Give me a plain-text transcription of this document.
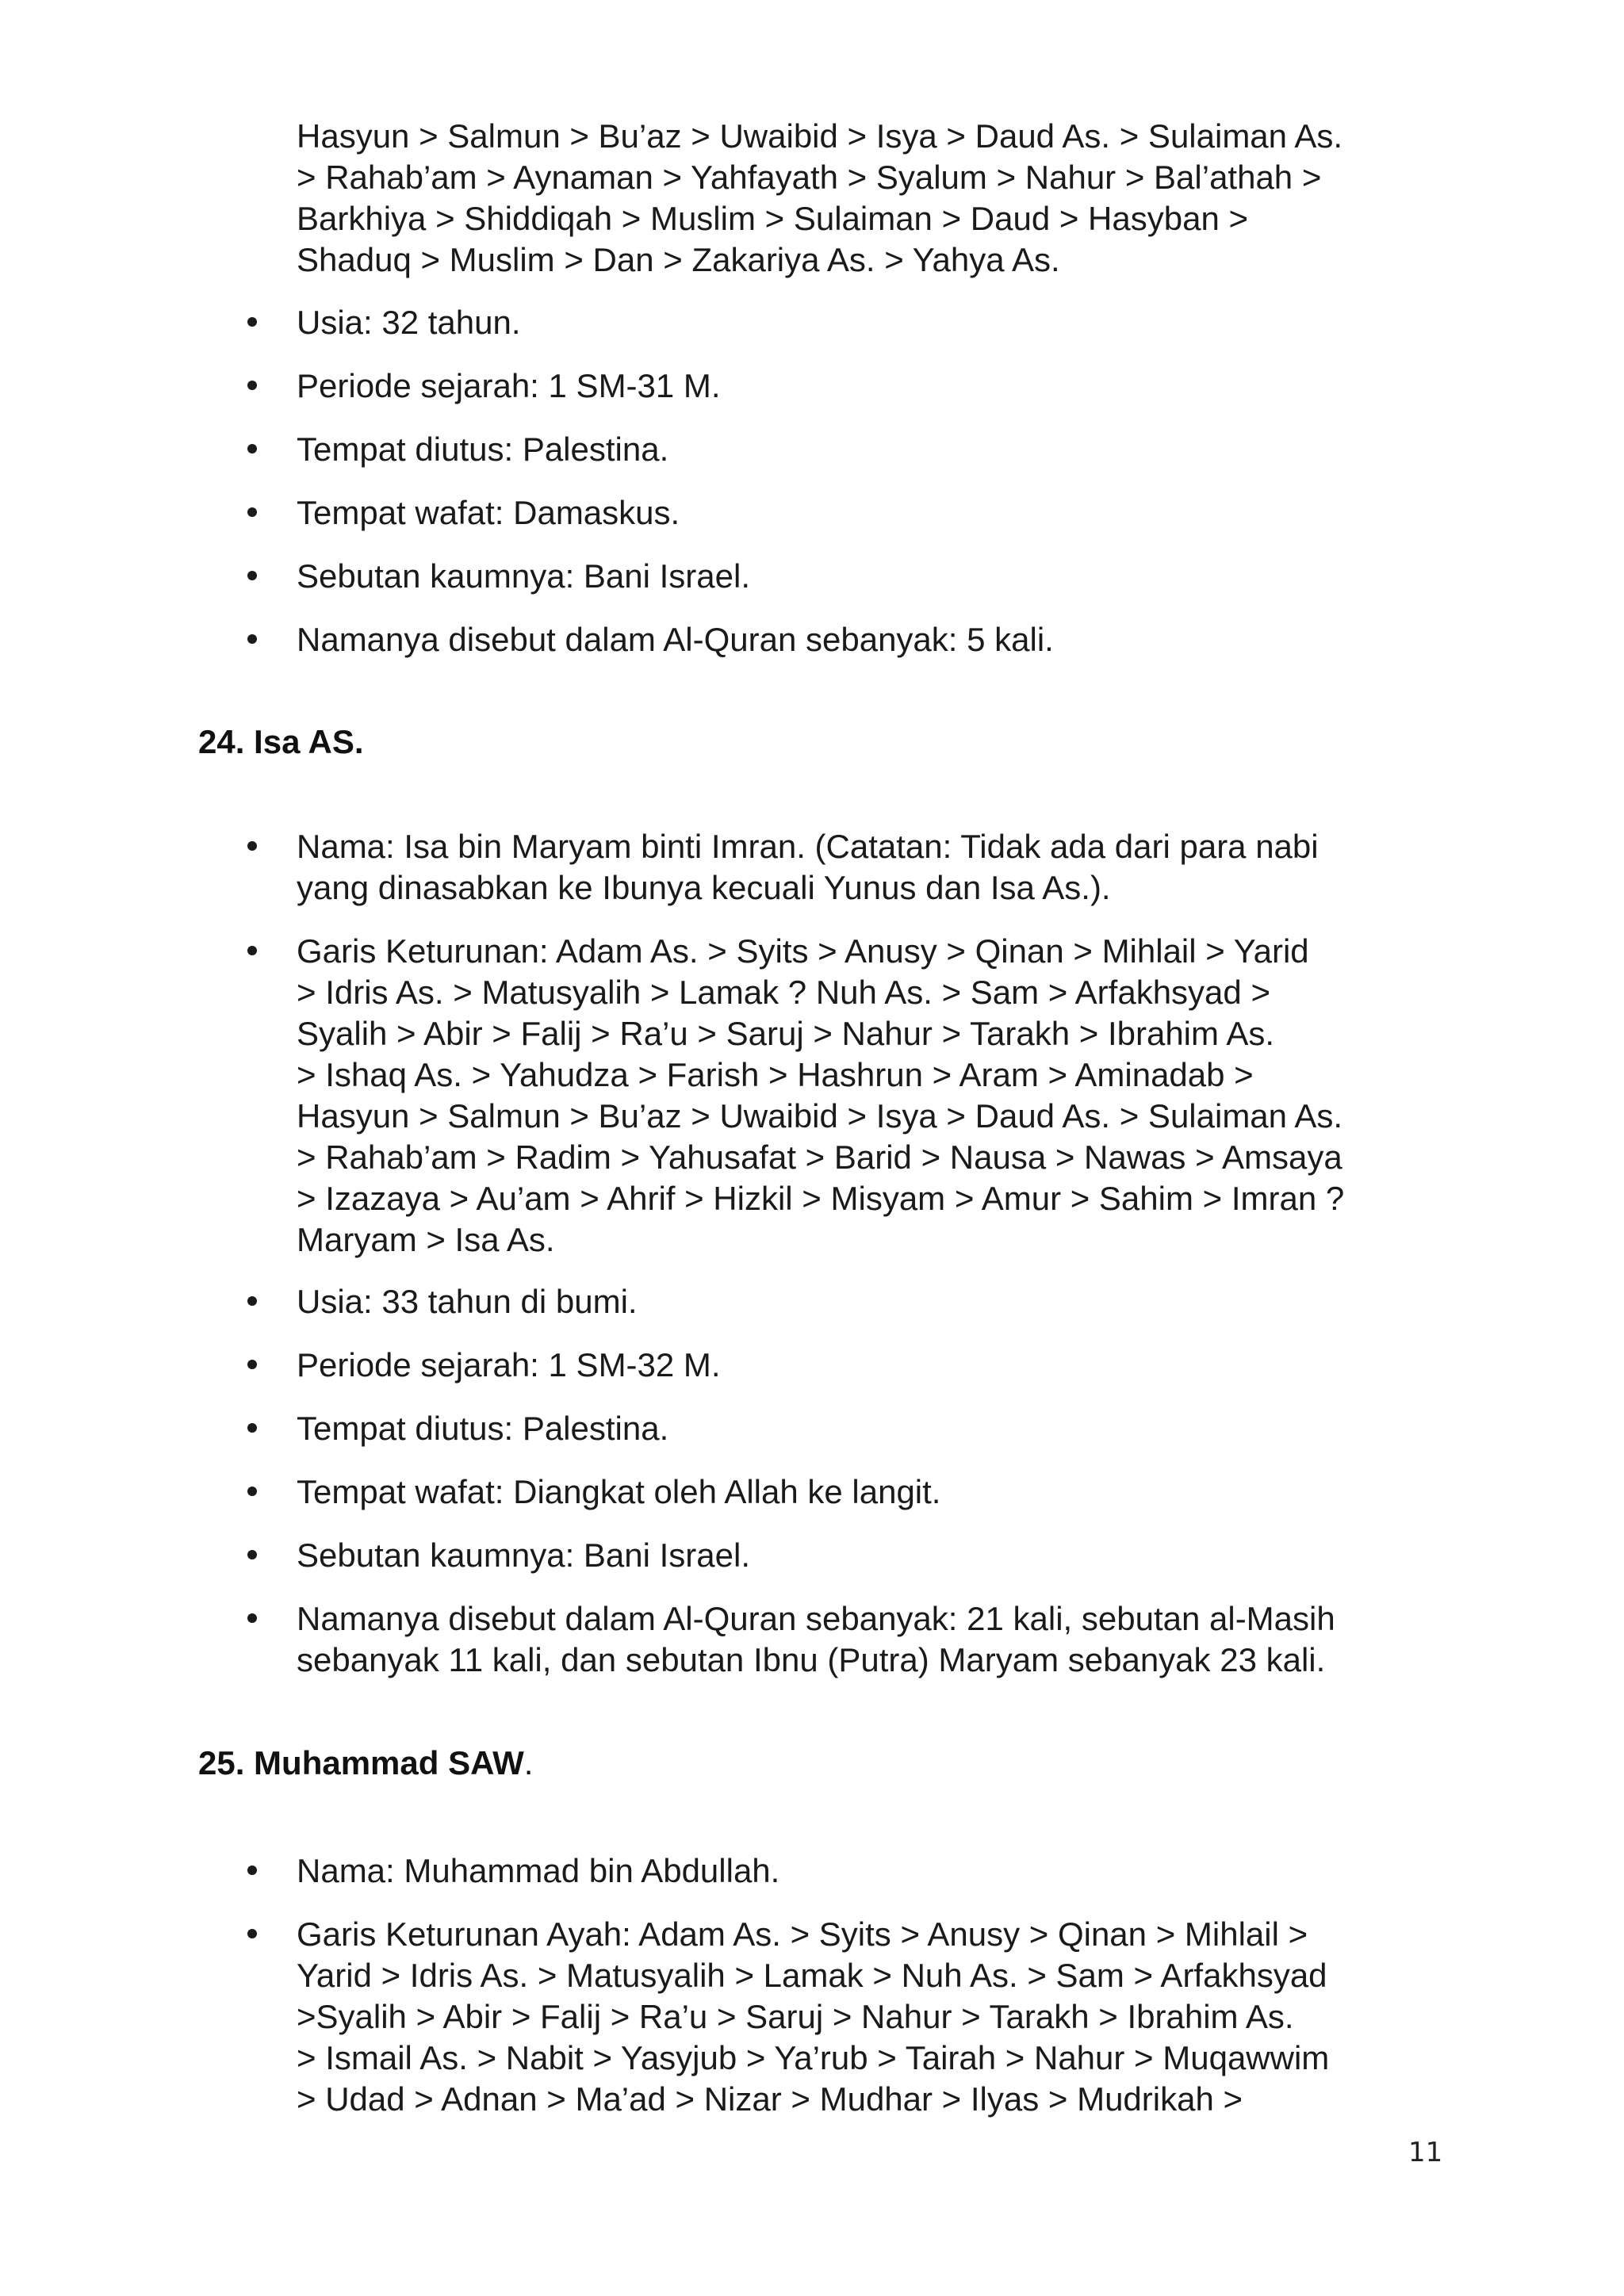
Hasyun > Salmun > Bu’az > Uwaibid > Isya > Daud As. > Sulaiman As.
> Rahab’am > Aynaman > Yahfayath > Syalum > Nahur > Bal’athah >
Barkhiya > Shiddiqah > Muslim > Sulaiman > Daud > Hasyban >
Shaduq > Muslim > Dan > Zakariya As. > Yahya As.
Usia: 32 tahun.
Periode sejarah: 1 SM-31 M.
Tempat diutus: Palestina.
Tempat wafat: Damaskus.
Sebutan kaumnya: Bani Israel.
Namanya disebut dalam Al-Quran sebanyak: 5 kali.
24. Isa AS.
Nama: Isa bin Maryam binti Imran. (Catatan: Tidak ada dari para nabi
yang dinasabkan ke Ibunya kecuali Yunus dan Isa As.).
Garis Keturunan: Adam As. > Syits > Anusy > Qinan > Mihlail > Yarid
> Idris As. > Matusyalih > Lamak ? Nuh As. > Sam > Arfakhsyad >
Syalih > Abir > Falij > Ra’u > Saruj > Nahur > Tarakh > Ibrahim As.
> Ishaq As. > Yahudza > Farish > Hashrun > Aram > Aminadab >
Hasyun > Salmun > Bu’az > Uwaibid > Isya > Daud As. > Sulaiman As.
> Rahab’am > Radim > Yahusafat > Barid > Nausa > Nawas > Amsaya
> Izazaya > Au’am > Ahrif > Hizkil > Misyam > Amur > Sahim > Imran ?
Maryam > Isa As.
Usia: 33 tahun di bumi.
Periode sejarah: 1 SM-32 M.
Tempat diutus: Palestina.
Tempat wafat: Diangkat oleh Allah ke langit.
Sebutan kaumnya: Bani Israel.
Namanya disebut dalam Al-Quran sebanyak: 21 kali, sebutan al-Masih
sebanyak 11 kali, dan sebutan Ibnu (Putra) Maryam sebanyak 23 kali.
25. Muhammad SAW.
Nama: Muhammad bin Abdullah.
Garis Keturunan Ayah: Adam As. > Syits > Anusy > Qinan > Mihlail >
Yarid > Idris As. > Matusyalih > Lamak > Nuh As. > Sam > Arfakhsyad
>Syalih > Abir > Falij > Ra’u > Saruj > Nahur > Tarakh > Ibrahim As.
> Ismail As. > Nabit > Yasyjub > Ya’rub > Tairah > Nahur > Muqawwim
> Udad > Adnan > Ma’ad > Nizar > Mudhar > Ilyas > Mudrikah >
11
